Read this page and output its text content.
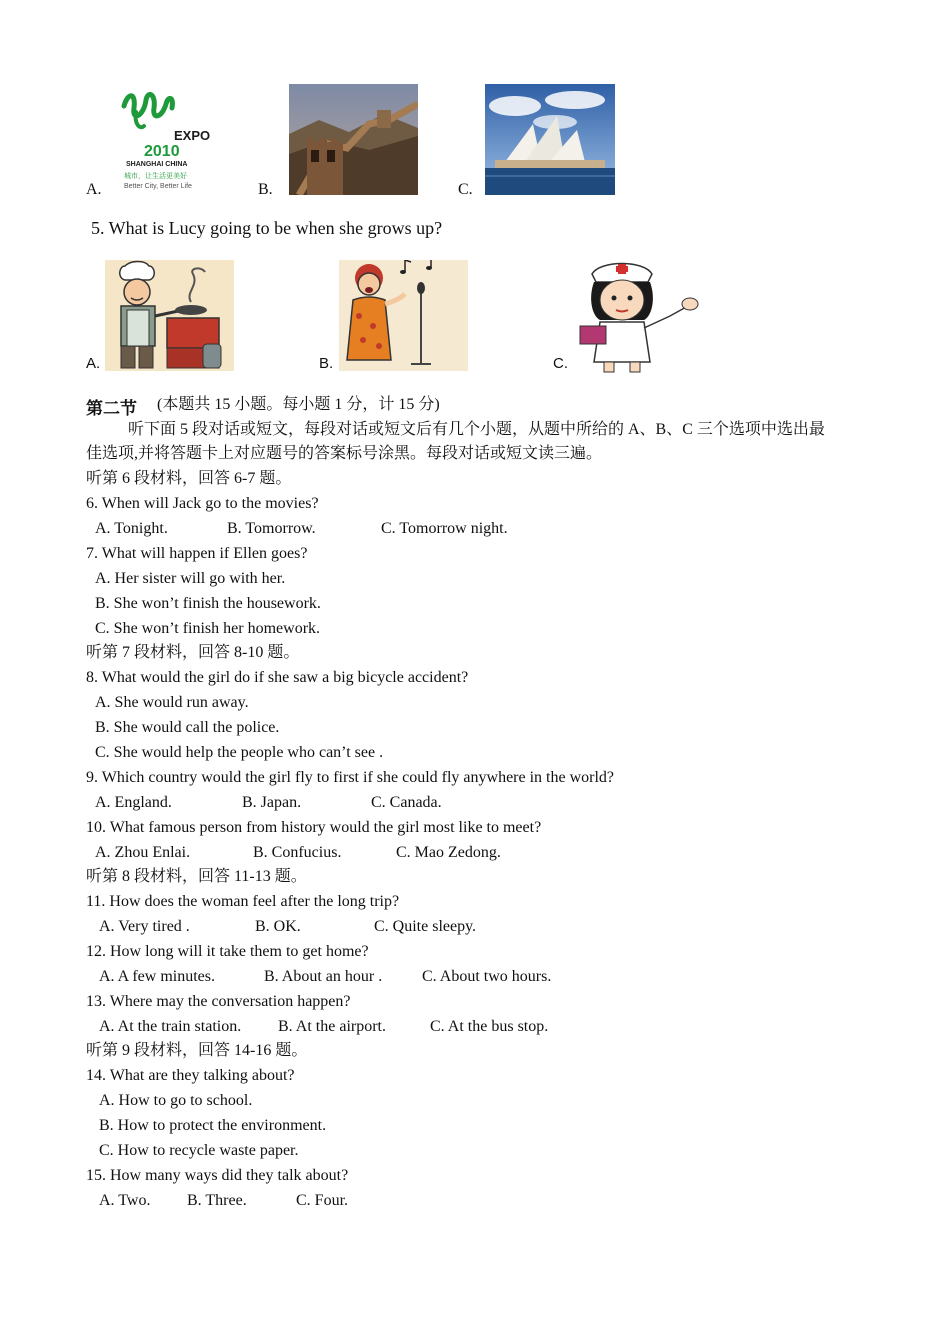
A.
EXPO
2010
SHANGHAI CHINA
城市，让生活更美好
Better City, Better Life	B.	C.
5. What is Lucy going to be when she grows up?
A.	B.	C.
第二节 (本题共 15 小题。每小题 1 分，计 15 分)
听下面 5 段对话或短文，每段对话或短文后有几个小题，从题中所给的 A、B、C 三个选项中选出最
佳选项,并将答题卡上对应题号的答案标号涂黑。每段对话或短文读三遍。
听第 6 段材料，回答 6-7 题。
6. When will Jack go to the movies?
A. Tonight.	B. Tomorrow.	C. Tomorrow night.
7. What will happen if Ellen goes?
A. Her sister will go with her.
B. She won’t finish the housework.
C. She won’t finish her homework.
听第 7 段材料，回答 8-10 题。
8. What would the girl do if she saw a big bicycle accident?
A. She would run away.
B. She would call the police.
C. She would help the people who can’t see .
9. Which country would the girl fly to first if she could fly anywhere in the world?
A. England.	B. Japan.	C. Canada.
10. What famous person from history would the girl most like to meet?
A. Zhou Enlai.	B. Confucius.	C. Mao Zedong.
听第 8 段材料，回答 11-13 题。
11. How does the woman feel after the long trip?
A. Very tired .	B. OK.	C. Quite sleepy.
12. How long will it take them to get home?
A. A few minutes.	B. About an hour . C. About two hours.
13. Where may the conversation happen?
A. At the train station. B. At the airport.	C. At the bus stop.
听第 9 段材料，回答 14-16 题。
14. What are they talking about?
A. How to go to school.
B. How to protect the environment.
C. How to recycle waste paper.
15. How many ways did they talk about?
A. Two. B. Three.	C. Four.
